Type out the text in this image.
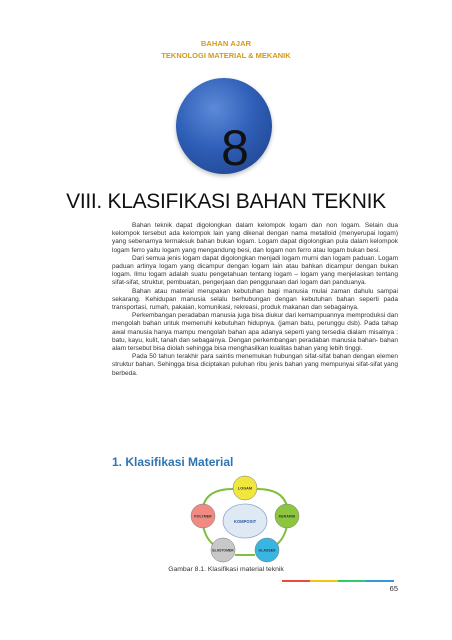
BAHAN AJAR
TEKNOLOGI MATERIAL & MEKANIK
8
VIII. KLASIFIKASI BAHAN TEKNIK

Bahan teknik dapat digolongkan dalam kelompok logam dan non logam. Selain dua kelompok tersebut ada kelompok lain yang dikenal dengan nama metalloid (menyerupai logam) yang sebenarnya termaksuk bahan bukan logam. Logam dapat digolongkan pula dalam kelompok logam ferro yaitu logam yang mengandung besi, dan logam non ferro atau logam bukan besi.

Dari semua jenis logam dapat digolongkan menjadi logam murni dan logam paduan. Logam paduan artinya logam yang dicampur dengan logam lain atau bahkan dicampur dengan bukan logam. Ilmu logam adalah suatu pengetahuan tentang logam – logam yang menjelaskan tentang sifat-sifat, struktur, pembuatan, pengerjaan dan penggunaan dari logam dan panduanya.

Bahan atau material merupakan kebutuhan bagi manusia mulai zaman dahulu sampai sekarang. Kehidupan manusia selalu berhubungan dengan kebutuhan bahan seperti pada transportasi, rumah, pakaian, komunikasi, rekreasi, produk makanan dan sebagainya.

Perkembangan peradaban manusia juga bisa diukur dari kemampuannya memproduksi dan mengolah bahan untuk memenuhi kebutuhan hidupnya. (jaman batu, perunggu dsb). Pada tahap awal manusia hanya mampu mengolah bahan apa adanya seperti yang tersedia dialam misalnya : batu, kayu, kulit, tanah dan sebagainya. Dengan perkembangan peradaban manusia bahan- bahan alam tersebut bisa diolah sehingga bisa menghasilkan kualitas bahan yang lebih tinggi.

Pada 50 tahun terakhir para saintis menemukan hubungan sifat-sifat bahan dengan elemen struktur bahan. Sehingga bisa diciptakan puluhan ribu jenis bahan yang mempunyai sifat-sifat yang berbeda.

1. Klasifikasi Material
KOMPOSIT
LOGAM
KERAMIK
GLASSES
ELASTOMER
POLYMER
Gambar 8.1. Klasifikasi material teknik
65
